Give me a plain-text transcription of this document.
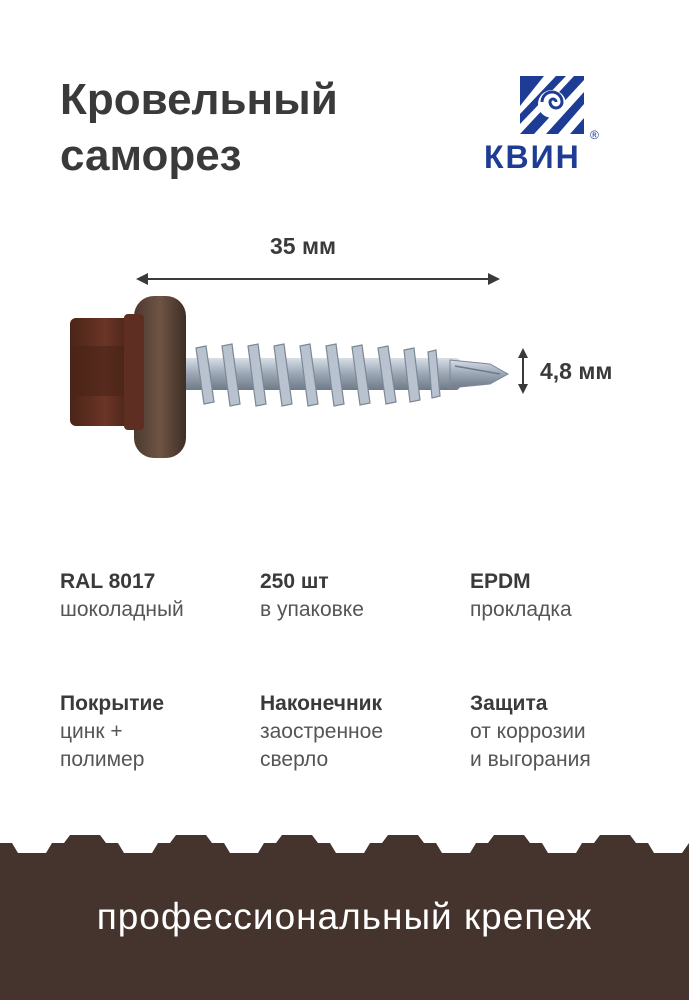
Кровельный
саморез	КВИН
®
35 мм
4,8 мм
RAL 8017
шоколадный
250 шт
в упаковке
EPDM
прокладка
Покрытие
цинк +
полимер
Наконечник
заостренное
сверло
Защита
от коррозии
и выгорания
профессиональный крепеж
